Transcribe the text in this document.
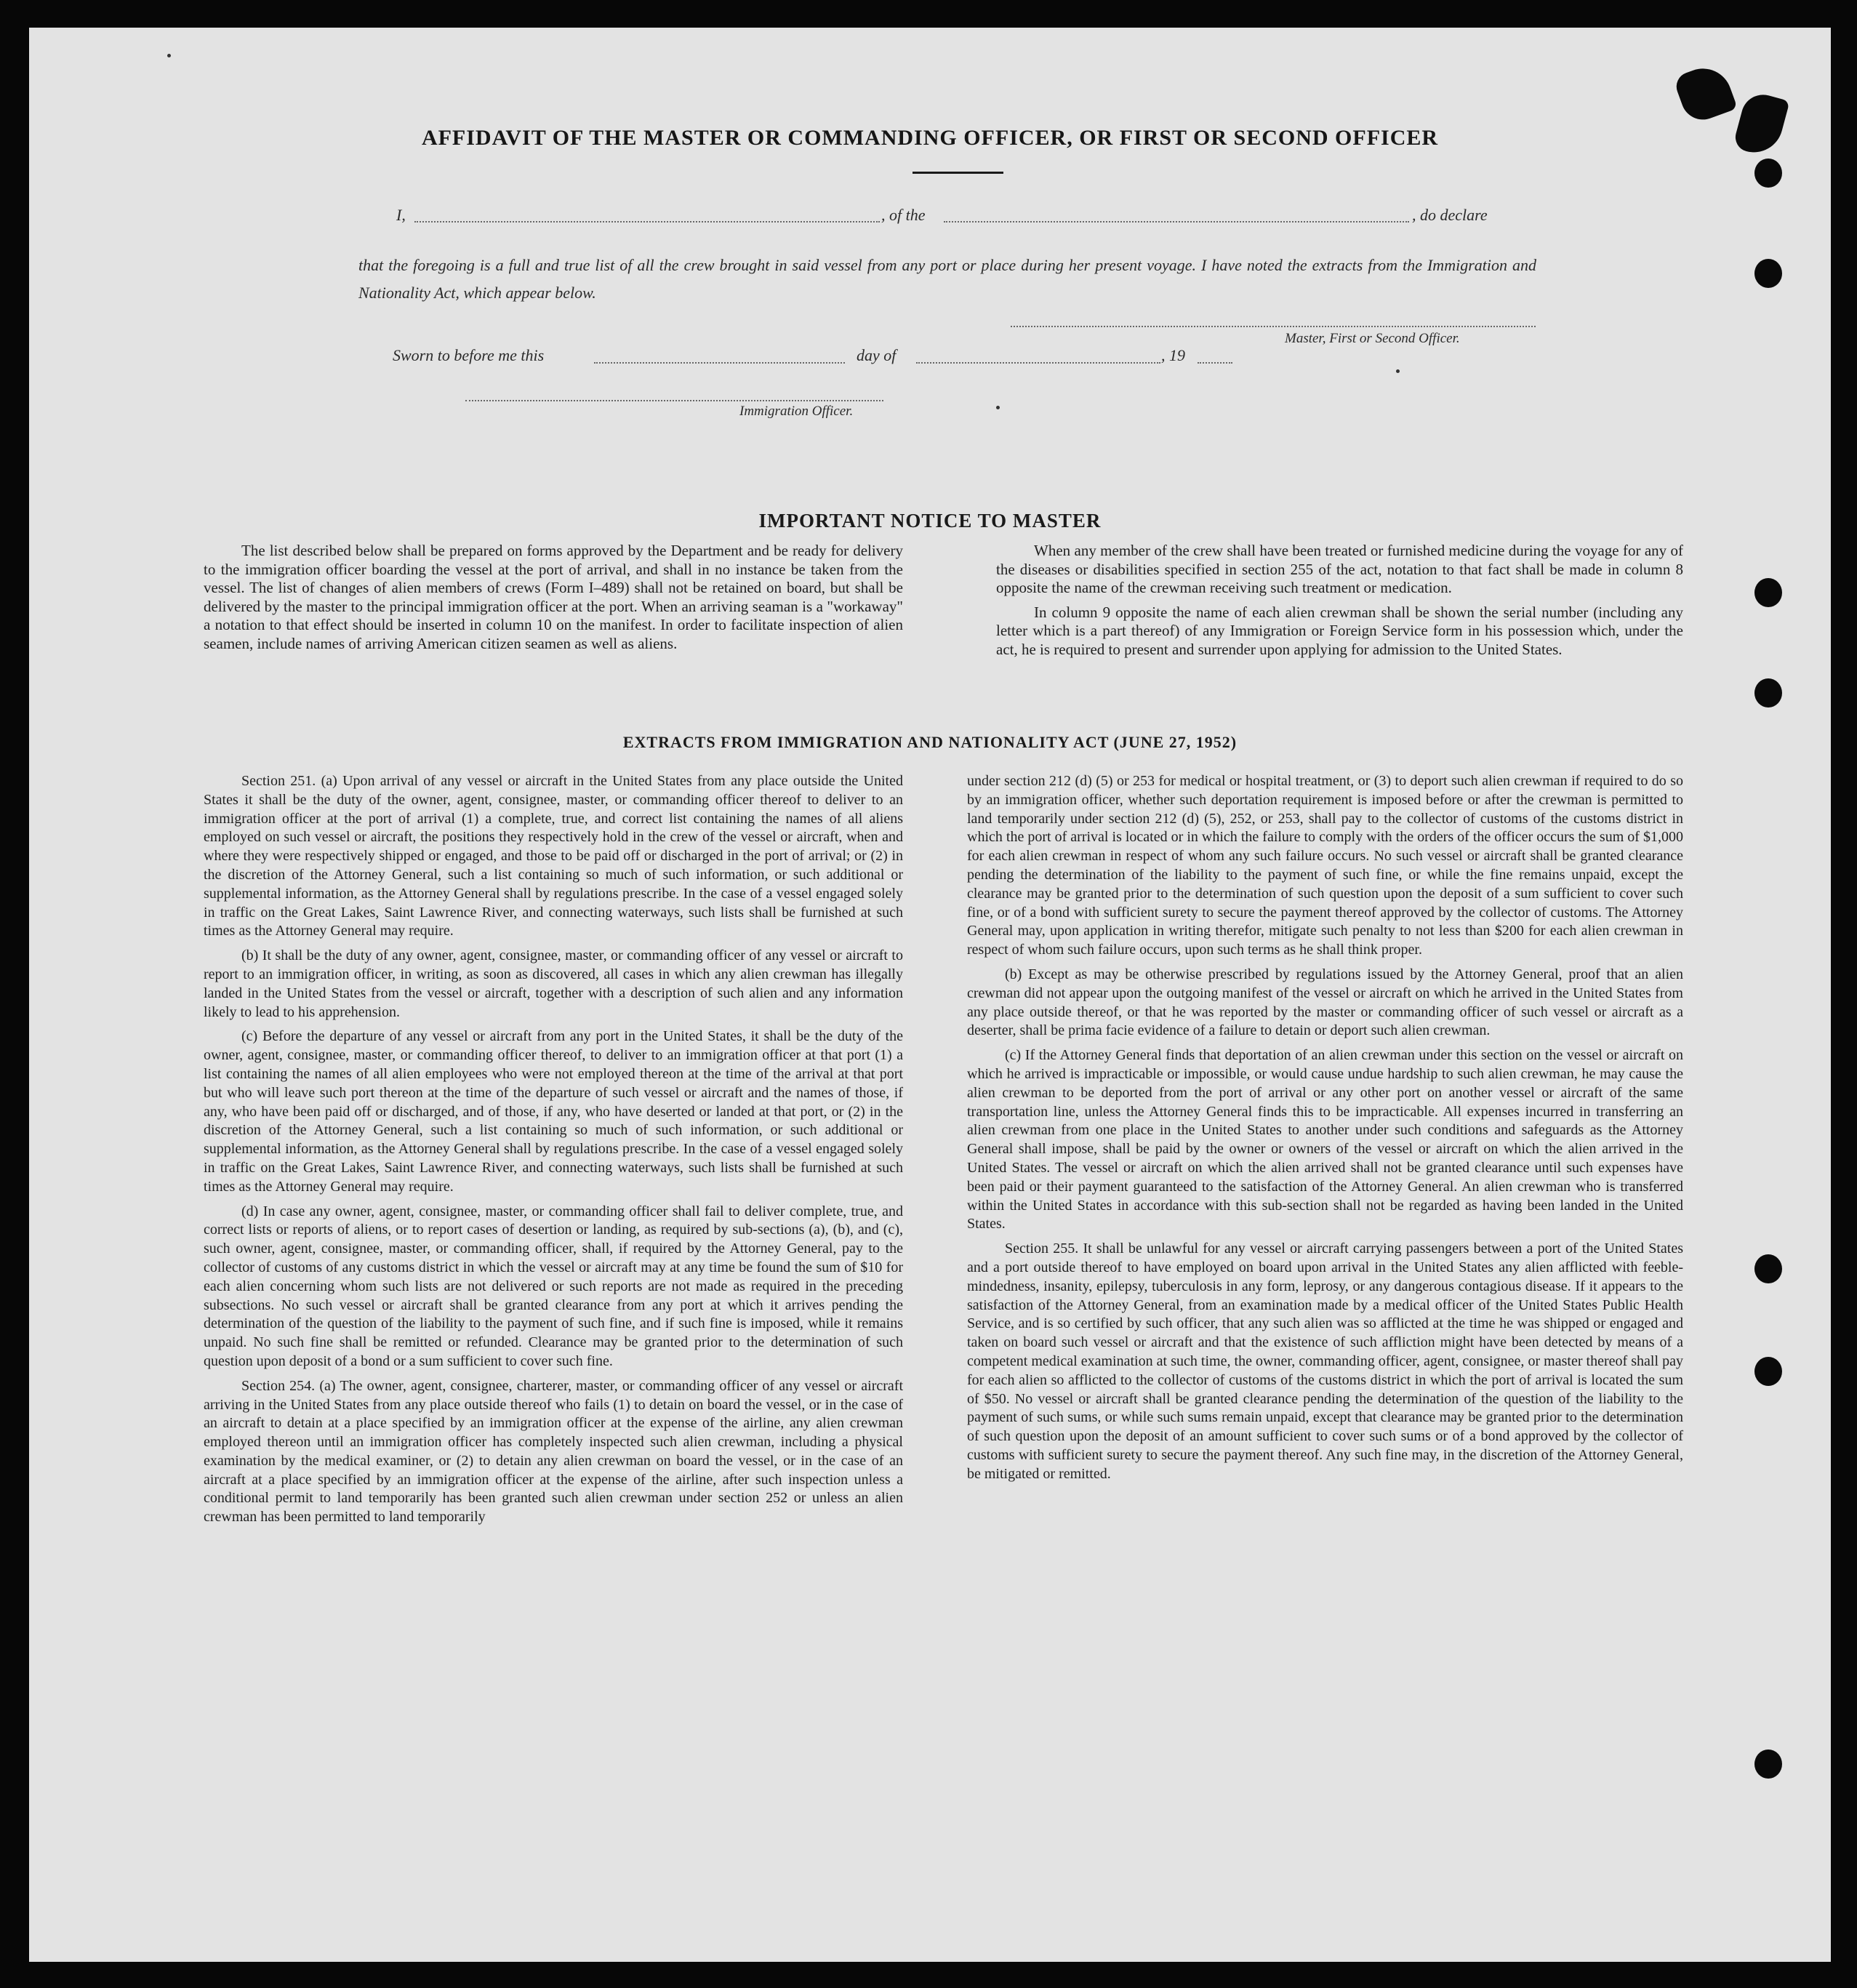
AFFIDAVIT OF THE MASTER OR COMMANDING OFFICER, OR FIRST OR SECOND OFFICER
I,	, of the	, do declare

that the foregoing is a full and true list of all the crew brought in said vessel from any port or place during her present voyage. I have noted the extracts from the Immigration and Nationality Act, which appear below.

Master, First or Second Officer.
Sworn to before me this	day of	, 19
Immigration Officer.
IMPORTANT NOTICE TO MASTER

The list described below shall be prepared on forms approved by the Department and be ready for delivery to the immigration officer boarding the vessel at the port of arrival, and shall in no instance be taken from the vessel. The list of changes of alien members of crews (Form I–489) shall not be retained on board, but shall be delivered by the master to the principal immigration officer at the port. When an arriving seaman is a "workaway" a notation to that effect should be inserted in column 10 on the manifest. In order to facilitate inspection of alien seamen, include names of arriving American citizen seamen as well as aliens.

When any member of the crew shall have been treated or furnished medicine during the voyage for any of the diseases or disabilities specified in section 255 of the act, notation to that fact shall be made in column 8 opposite the name of the crewman receiving such treatment or medication.

In column 9 opposite the name of each alien crewman shall be shown the serial number (including any letter which is a part thereof) of any Immigration or Foreign Service form in his possession which, under the act, he is required to present and surrender upon applying for admission to the United States.

EXTRACTS FROM IMMIGRATION AND NATIONALITY ACT (JUNE 27, 1952)

Section 251. (a) Upon arrival of any vessel or aircraft in the United States from any place outside the United States it shall be the duty of the owner, agent, consignee, master, or commanding officer thereof to deliver to an immigration officer at the port of arrival (1) a complete, true, and correct list containing the names of all aliens employed on such vessel or aircraft, the positions they respectively hold in the crew of the vessel or aircraft, when and where they were respectively shipped or engaged, and those to be paid off or discharged in the port of arrival; or (2) in the discretion of the Attorney General, such a list containing so much of such information, or such additional or supplemental information, as the Attorney General shall by regulations prescribe. In the case of a vessel engaged solely in traffic on the Great Lakes, Saint Lawrence River, and connecting waterways, such lists shall be furnished at such times as the Attorney General may require.

(b) It shall be the duty of any owner, agent, consignee, master, or commanding officer of any vessel or aircraft to report to an immigration officer, in writing, as soon as discovered, all cases in which any alien crewman has illegally landed in the United States from the vessel or aircraft, together with a description of such alien and any information likely to lead to his apprehension.

(c) Before the departure of any vessel or aircraft from any port in the United States, it shall be the duty of the owner, agent, consignee, master, or commanding officer thereof, to deliver to an immigration officer at that port (1) a list containing the names of all alien employees who were not employed thereon at the time of the arrival at that port but who will leave such port thereon at the time of the departure of such vessel or aircraft and the names of those, if any, who have been paid off or discharged, and of those, if any, who have deserted or landed at that port, or (2) in the discretion of the Attorney General, such a list containing so much of such information, or such additional or supplemental information, as the Attorney General shall by regulations prescribe. In the case of a vessel engaged solely in traffic on the Great Lakes, Saint Lawrence River, and connecting waterways, such lists shall be furnished at such times as the Attorney General may require.

(d) In case any owner, agent, consignee, master, or commanding officer shall fail to deliver complete, true, and correct lists or reports of aliens, or to report cases of desertion or landing, as required by sub-sections (a), (b), and (c), such owner, agent, consignee, master, or commanding officer, shall, if required by the Attorney General, pay to the collector of customs of any customs district in which the vessel or aircraft may at any time be found the sum of $10 for each alien concerning whom such lists are not delivered or such reports are not made as required in the preceding subsections. No such vessel or aircraft shall be granted clearance from any port at which it arrives pending the determination of the question of the liability to the payment of such fine, and if such fine is imposed, while it remains unpaid. No such fine shall be remitted or refunded. Clearance may be granted prior to the determination of such question upon deposit of a bond or a sum sufficient to cover such fine.

Section 254. (a) The owner, agent, consignee, charterer, master, or commanding officer of any vessel or aircraft arriving in the United States from any place outside thereof who fails (1) to detain on board the vessel, or in the case of an aircraft to detain at a place specified by an immigration officer at the expense of the airline, any alien crewman employed thereon until an immigration officer has completely inspected such alien crewman, including a physical examination by the medical examiner, or (2) to detain any alien crewman on board the vessel, or in the case of an aircraft at a place specified by an immigration officer at the expense of the airline, after such inspection unless a conditional permit to land temporarily has been granted such alien crewman under section 252 or unless an alien crewman has been permitted to land temporarily

under section 212 (d) (5) or 253 for medical or hospital treatment, or (3) to deport such alien crewman if required to do so by an immigration officer, whether such deportation requirement is imposed before or after the crewman is permitted to land temporarily under section 212 (d) (5), 252, or 253, shall pay to the collector of customs of the customs district in which the port of arrival is located or in which the failure to comply with the orders of the officer occurs the sum of $1,000 for each alien crewman in respect of whom any such failure occurs. No such vessel or aircraft shall be granted clearance pending the determination of the liability to the payment of such fine, or while the fine remains unpaid, except the clearance may be granted prior to the determination of such question upon the deposit of a sum sufficient to cover such fine, or of a bond with sufficient surety to secure the payment thereof approved by the collector of customs. The Attorney General may, upon application in writing therefor, mitigate such penalty to not less than $200 for each alien crewman in respect of whom such failure occurs, upon such terms as he shall think proper.

(b) Except as may be otherwise prescribed by regulations issued by the Attorney General, proof that an alien crewman did not appear upon the outgoing manifest of the vessel or aircraft on which he arrived in the United States from any place outside thereof, or that he was reported by the master or commanding officer of such vessel or aircraft as a deserter, shall be prima facie evidence of a failure to detain or deport such alien crewman.

(c) If the Attorney General finds that deportation of an alien crewman under this section on the vessel or aircraft on which he arrived is impracticable or impossible, or would cause undue hardship to such alien crewman, he may cause the alien crewman to be deported from the port of arrival or any other port on another vessel or aircraft of the same transportation line, unless the Attorney General finds this to be impracticable. All expenses incurred in transferring an alien crewman from one place in the United States to another under such conditions and safeguards as the Attorney General shall impose, shall be paid by the owner or owners of the vessel or aircraft on which the alien arrived in the United States. The vessel or aircraft on which the alien arrived shall not be granted clearance until such expenses have been paid or their payment guaranteed to the satisfaction of the Attorney General. An alien crewman who is transferred within the United States in accordance with this sub-section shall not be regarded as having been landed in the United States.

Section 255. It shall be unlawful for any vessel or aircraft carrying passengers between a port of the United States and a port outside thereof to have employed on board upon arrival in the United States any alien afflicted with feeble-mindedness, insanity, epilepsy, tuberculosis in any form, leprosy, or any dangerous contagious disease. If it appears to the satisfaction of the Attorney General, from an examination made by a medical officer of the United States Public Health Service, and is so certified by such officer, that any such alien was so afflicted at the time he was shipped or engaged and taken on board such vessel or aircraft and that the existence of such affliction might have been detected by means of a competent medical examination at such time, the owner, commanding officer, agent, consignee, or master thereof shall pay for each alien so afflicted to the collector of customs of the customs district in which the port of arrival is located the sum of $50. No vessel or aircraft shall be granted clearance pending the determination of the question of the liability to the payment of such sums, or while such sums remain unpaid, except that clearance may be granted prior to the determination of such question upon the deposit of an amount sufficient to cover such sums or of a bond approved by the collector of customs with sufficient surety to secure the payment thereof. Any such fine may, in the discretion of the Attorney General, be mitigated or remitted.
